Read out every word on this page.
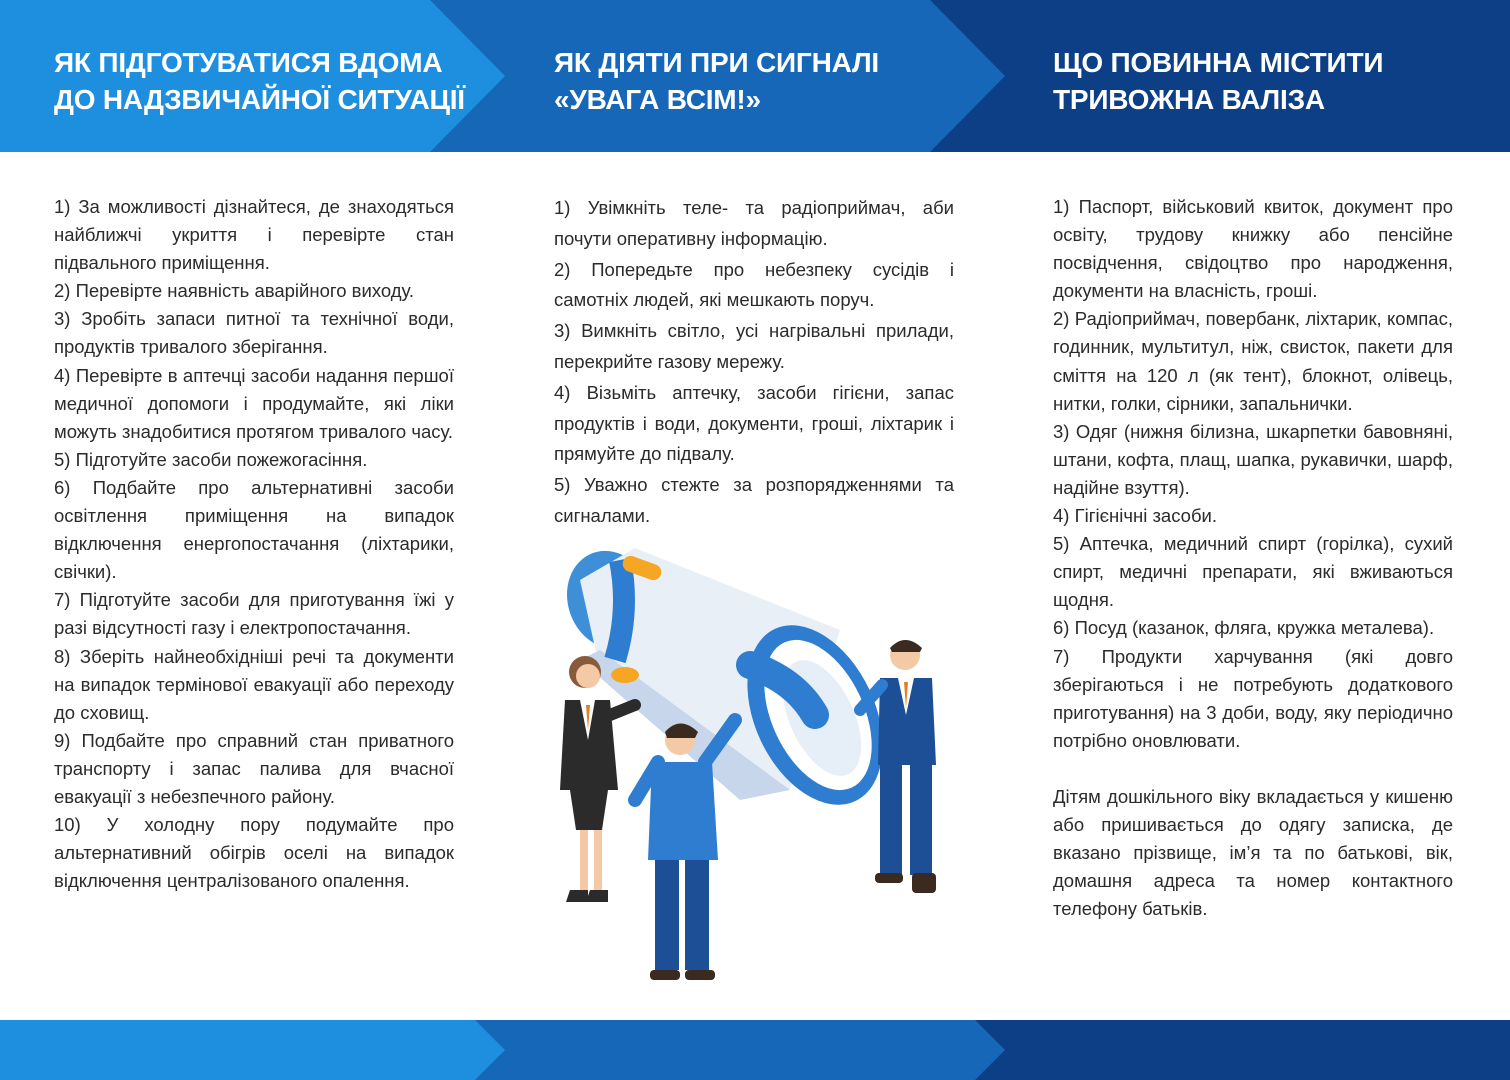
ЯК ПІДГОТУВАТИСЯ ВДОМА ДО НАДЗВИЧАЙНОЇ СИТУАЦІЇ
ЯК ДІЯТИ ПРИ СИГНАЛІ «УВАГА ВСІМ!»
ЩО ПОВИННА МІСТИТИ ТРИВОЖНА ВАЛІЗА

1) За можливості дізнайтеся, де знаходяться найближчі укриття і перевірте стан підвального приміщення.

2) Перевірте наявність аварійного виходу.

3) Зробіть запаси питної та технічної води, продуктів тривалого зберігання.

4) Перевірте в аптечці засоби надання першої медичної допомоги і продумайте, які ліки можуть знадобитися протягом тривалого часу.

5) Підготуйте засоби пожежогасіння.

6) Подбайте про альтернативні засоби освітлення приміщення на випадок відключення енергопостачання (ліхтарики, свічки).

7) Підготуйте засоби для приготування їжі у разі відсутності газу і електропостачання.

8) Зберіть найнеобхідніші речі та документи на випадок термінової евакуації або переходу до сховищ.

9) Подбайте про справний стан приватного транспорту і запас палива для вчасної евакуації з небезпечного району.

10) У холодну пору подумайте про альтернативний обігрів оселі на випадок відключення централізованого опалення.

1) Увімкніть теле- та радіоприймач, аби почути оперативну інформацію.

2) Попередьте про небезпеку сусідів і самотніх людей, які мешкають поруч.

3) Вимкніть світло, усі нагрівальні прилади, перекрийте газову мережу.

4) Візьміть аптечку, засоби гігієни, запас продуктів і води, документи, гроші, ліхтарик і прямуйте до підвалу.

5) Уважно стежте за розпорядженнями та сигналами.

1) Паспорт, військовий квиток, документ про освіту, трудову книжку або пенсійне посвідчення, свідоцтво про народження, документи на власність, гроші.

2) Радіоприймач, повербанк, ліхтарик, компас, годинник, мультитул, ніж, свисток, пакети для сміття на 120 л (як тент), блокнот, олівець, нитки, голки, сірники, запальнички.

3) Одяг (нижня білизна, шкарпетки бавовняні, штани, кофта, плащ, шапка, рукавички, шарф, надійне взуття).

4) Гігієнічні засоби.

5) Аптечка, медичний спирт (горілка), сухий спирт, медичні препарати, які вживаються щодня.

6) Посуд (казанок, фляга, кружка металева).

7) Продукти харчування (які довго зберігаються і не потребують додаткового приготування) на 3 доби, воду, яку періодично потрібно оновлювати.

Дітям дошкільного віку вкладається у кишеню або пришивається до одягу записка, де вказано прізвище, ім’я та по батькові, вік, домашня адреса та номер контактного телефону батьків.
